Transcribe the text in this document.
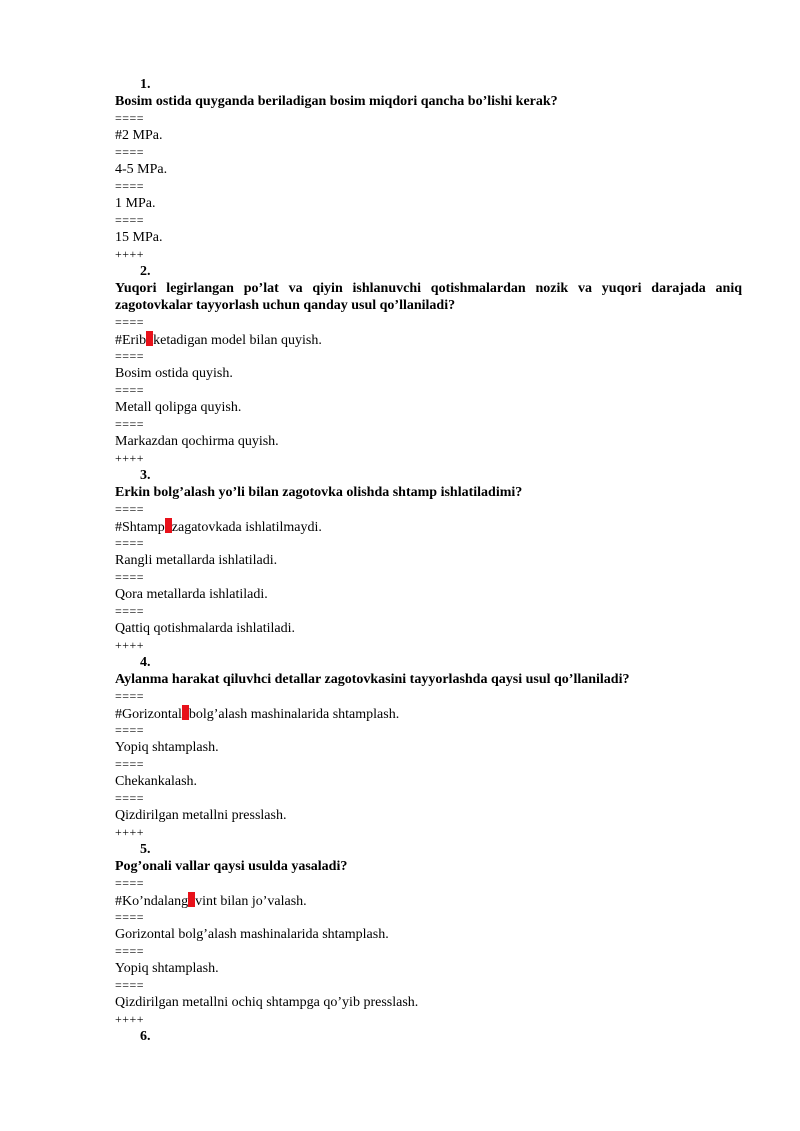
1.
Bosim ostida quyganda beriladigan bosim miqdori qancha bo’lishi kerak?
====
#2 MPa.
====
4-5 MPa.
====
1 MPa.
====
15 MPa.
++++
2.
Yuqori legirlangan po’lat va qiyin ishlanuvchi qotishmalardan nozik va yuqori darajada aniq zagotovkalar tayyorlash uchun qanday usul qo’llaniladi?
====
#Erib ketadigan model bilan quyish.
====
Bosim ostida quyish.
====
Metall qolipga quyish.
====
Markazdan qochirma quyish.
++++
3.
Erkin bolg’alash yo’li bilan zagotovka olishda shtamp ishlatiladimi?
====
#Shtamp zagatovkada ishlatilmaydi.
====
Rangli metallarda ishlatiladi.
====
Qora metallarda ishlatiladi.
====
Qattiq qotishmalarda ishlatiladi.
++++
4.
Aylanma harakat qiluvhci detallar zagotovkasini tayyorlashda qaysi usul qo’llaniladi?
====
#Gorizontal bolg’alash mashinalarida shtamplash.
====
Yopiq shtamplash.
====
Chekankalash.
====
Qizdirilgan metallni presslash.
++++
5.
Pog’onali vallar qaysi usulda yasaladi?
====
#Ko’ndalang vint bilan jo’valash.
====
Gorizontal bolg’alash mashinalarida shtamplash.
====
Yopiq shtamplash.
====
Qizdirilgan metallni ochiq shtampga qo’yib presslash.
++++
6.
